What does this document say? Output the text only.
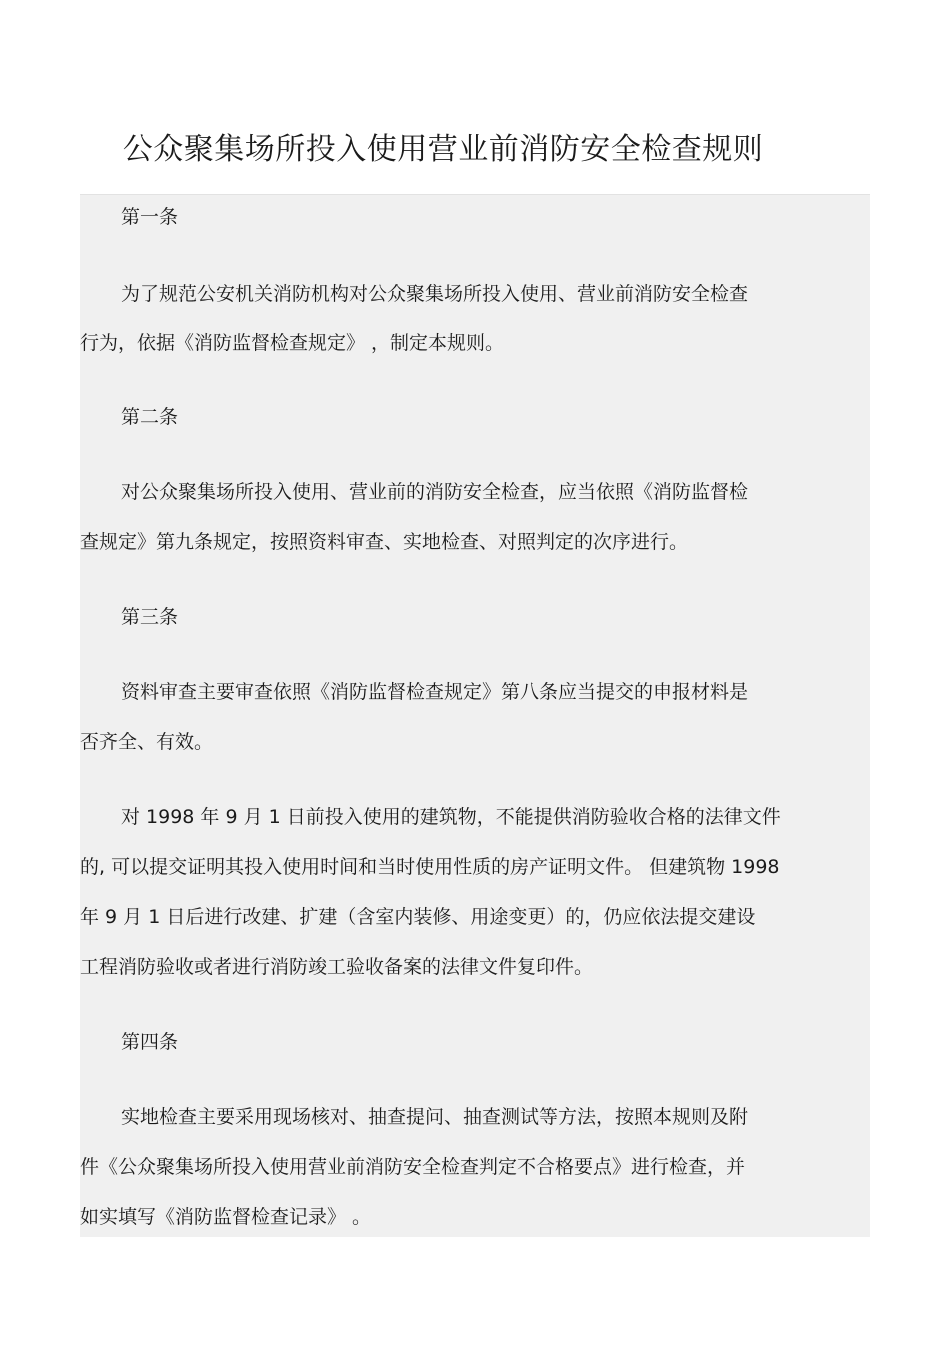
公众聚集场所投入使用营业前消防安全检查规则
第一条
为了规范公安机关消防机构对公众聚集场所投入使用、营业前消防安全检查
行为，依据《消防监督检查规定》 ，制定本规则。
第二条
对公众聚集场所投入使用、营业前的消防安全检查，应当依照《消防监督检
查规定》第九条规定，按照资料审查、实地检查、对照判定的次序进行。
第三条
资料审查主要审查依照《消防监督检查规定》第八条应当提交的申报材料是
否齐全、有效。
对 1998 年 9 月 1 日前投入使用的建筑物，不能提供消防验收合格的法律文件
的, 可以提交证明其投入使用时间和当时使用性质的房产证明文件。 但建筑物 1998
年 9 月 1 日后进行改建、扩建（含室内装修、用途变更）的，仍应依法提交建设
工程消防验收或者进行消防竣工验收备案的法律文件复印件。
第四条
实地检查主要采用现场核对、抽查提问、抽查测试等方法，按照本规则及附
件《公众聚集场所投入使用营业前消防安全检查判定不合格要点》进行检查，并
如实填写《消防监督检查记录》 。
